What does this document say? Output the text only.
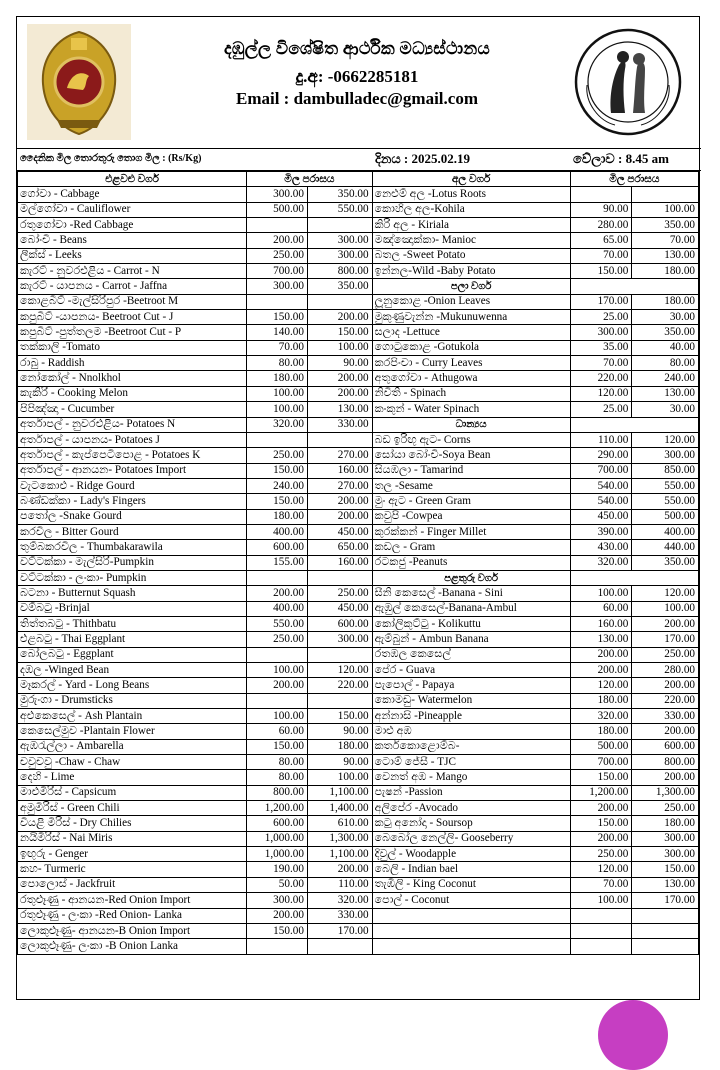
දඹුල්ල විශේෂිත ආර්ථික මධ්‍යස්ථානය
දු.අ: -0662285181
Email : dambulladec@gmail.com
දෛනික මිල තොරතුරු තොග මිල : (Rs/Kg)	දිනය : 2025.02.19	වේලාව : 8.45 am
එළවළු වර්ග	මිල පරාසය		අල වර්ග	මිල පරාසය	
ගෝවා - Cabbage	300.00	350.00	නෙළුම් අල -Lotus Roots		
මල්ගෝවා - Cauliflower	500.00	550.00	කොහිල අල-Kohila	90.00	100.00
රතුගෝවා -Red Cabbage			කිරි අල - Kiriala	280.00	350.00
බෝංචි - Beans	200.00	300.00	මඤ්ඤොක්කා- Manioc	65.00	70.00
ලීක්ස් - Leeks	250.00	300.00	බතල -Sweet Potato	70.00	130.00
කැරට් - නුවරඑළිය - Carrot - N	700.00	800.00	ඉන්නල-Wild -Baby Potato	150.00	180.00
කැරට් - යාපනය - Carrot - Jaffna	300.00	350.00	පලා වර්ග		
කොළබීට් -මැල්සිරිපුර -Beetroot M			ලූනුකොළ -Onion Leaves	170.00	180.00
කපුබීට් -යාපනය- Beetroot Cut - J	150.00	200.00	මුකුණුවැන්න -Mukunuwenna	25.00	30.00
කපුබීට් -පුත්තලම -Beetroot Cut - P	140.00	150.00	සලාද -Lettuce	300.00	350.00
තක්කාලි -Tomato	70.00	100.00	ගොටුකොළ -Gotukola	35.00	40.00
රාබු - Raddish	80.00	90.00	කරපිංචා - Curry Leaves	70.00	80.00
නෝකෝල් - Nnolkhol	180.00	200.00	අතුගෝවා - Athugowa	220.00	240.00
කැකිරි - Cooking Melon	100.00	200.00	නිවිති - Spinach	120.00	130.00
පිපිඤ්ඤා - Cucumber	100.00	130.00	කංකුන් - Water Spinach	25.00	30.00
අර්තාපල් - නුවරඑළිය- Potatoes N	320.00	330.00	ධාන්‍යය		
අර්තාපල් - යාපනය- Potatoes J			බඩ ඉරිඟු ඇට- Corns	110.00	120.00
අර්තාපල් - කැප්පෙටිපොළ - Potatoes K	250.00	270.00	සෝයා බෝංචි-Soya Bean	290.00	300.00
අර්තාපල් - ආනයන- Potatoes Import	150.00	160.00	සියඹලා - Tamarind	700.00	850.00
වැටකොළු - Ridge Gourd	240.00	270.00	තල -Sesame	540.00	550.00
බණ්ඩක්කා - Lady's Fingers	150.00	200.00	මුං ඇට - Green Gram	540.00	550.00
පතෝල -Snake Gourd	180.00	200.00	කවුපි -Cowpea	450.00	500.00
කරවිල - Bitter Gourd	400.00	450.00	කුරක්කන් - Finger Millet	390.00	400.00
තුම්බකරවිල - Thumbakarawila	600.00	650.00	කඩල - Gram	430.00	440.00
වට්ටක්කා - මැල්සිරි-Pumpkin	155.00	160.00	රටකජු -Peanuts	320.00	350.00
වට්ටක්කා - ලංකා- Pumpkin			පළතුරු වර්ග		
බටනා - Butternut Squash	200.00	250.00	සීනි කෙසෙල් -Banana - Sini	100.00	120.00
වම්බටු -Brinjal	400.00	450.00	ඇඹුල් කෙසෙල්-Banana-Ambul	60.00	100.00
තිත්තබටු - Thithbatu	550.00	600.00	කෝලිකුට්ටු - Kolikuttu	160.00	200.00
එළබටු - Thai Eggplant	250.00	300.00	ඇම්බුන් - Ambun Banana	130.00	170.00
බෝලබටු - Eggplant			රතඹල කෙසෙල්	200.00	250.00
දඹල -Winged Bean	100.00	120.00	පේර - Guava	200.00	280.00
මෑකරල් - Yard - Long Beans	200.00	220.00	පැපොල් - Papaya	120.00	200.00
මුරුංගා - Drumsticks			කොමඩු- Watermelon	180.00	220.00
අළුකෙසෙල් - Ash Plantain	100.00	150.00	අන්නාසි -Pineapple	320.00	330.00
කෙසෙල්මුව -Plantain Flower	60.00	90.00	මාළු අඹ	180.00	200.00
ඇඹරැල්ලා - Ambarella	150.00	180.00	කර්තකොළොම්බ-	500.00	600.00
චවුචවු -Chaw - Chaw	80.00	90.00	ටොම් ජේසී - TJC	700.00	800.00
දෙහි - Lime	80.00	100.00	වෙනත් අඹ - Mango	150.00	200.00
මාළුමිරිස් - Capsicum	800.00	1,100.00	පැෂන් -Passion	1,200.00	1,300.00
අමුමිරිස් - Green Chili	1,200.00	1,400.00	අලිපේර -Avocado	200.00	250.00
වියළි මිරිස් - Dry Chilies	600.00	610.00	කටු අනෝදා - Soursop	150.00	180.00
නයිමිරිස් - Nai Miris	1,000.00	1,300.00	බෙබෝල නෙල්ලි- Gooseberry	200.00	300.00
ඉඟුරු - Genger	1,000.00	1,100.00	දිවුල් - Woodapple	250.00	300.00
කහ- Turmeric	190.00	200.00	බෙලි - Indian bael	120.00	150.00
පොලොස් - Jackfruit	50.00	110.00	තැඹිලි - King Coconut	70.00	130.00
රතුළූණු - ආනයන-Red Onion Import	300.00	320.00	පොල් - Coconut	100.00	170.00
රතුළූණු - ලංකා -Red Onion- Lanka	200.00	330.00			
ලොකුළූණු- ආනයන-B Onion Import	150.00	170.00			
ලොකුළූණු- ලංකා -B Onion Lanka					
